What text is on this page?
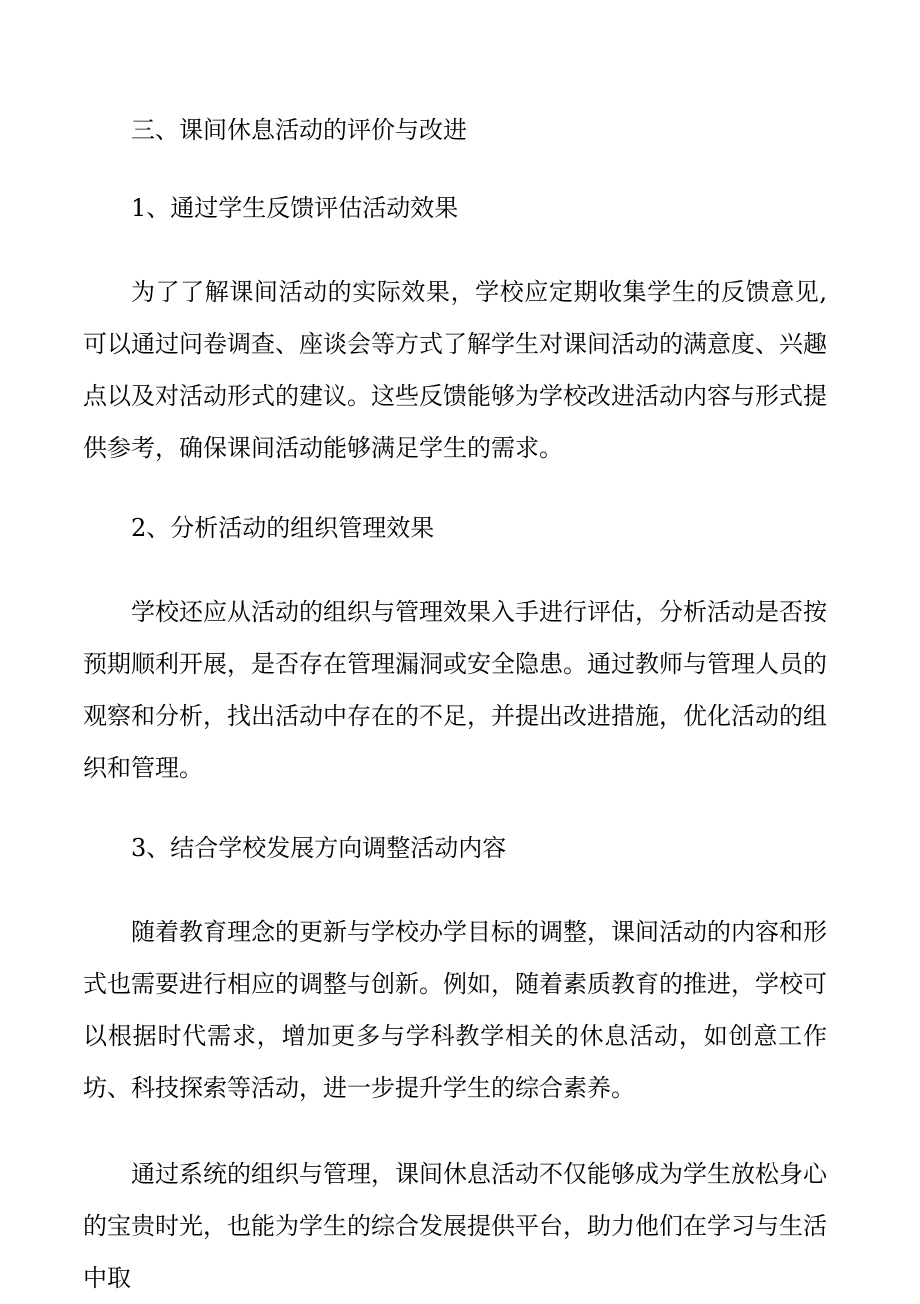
三、课间休息活动的评价与改进
1、通过学生反馈评估活动效果

为了了解课间活动的实际效果，学校应定期收集学生的反馈意见,可以通过问卷调查、座谈会等方式了解学生对课间活动的满意度、兴趣点以及对活动形式的建议。这些反馈能够为学校改进活动内容与形式提供参考，确保课间活动能够满足学生的需求。

2、分析活动的组织管理效果

学校还应从活动的组织与管理效果入手进行评估，分析活动是否按预期顺利开展，是否存在管理漏洞或安全隐患。通过教师与管理人员的观察和分析，找出活动中存在的不足，并提出改进措施，优化活动的组织和管理。

3、结合学校发展方向调整活动内容

随着教育理念的更新与学校办学目标的调整，课间活动的内容和形式也需要进行相应的调整与创新。例如，随着素质教育的推进，学校可以根据时代需求，增加更多与学科教学相关的休息活动，如创意工作坊、科技探索等活动，进一步提升学生的综合素养。

通过系统的组织与管理，课间休息活动不仅能够成为学生放松身心的宝贵时光，也能为学生的综合发展提供平台，助力他们在学习与生活中取
